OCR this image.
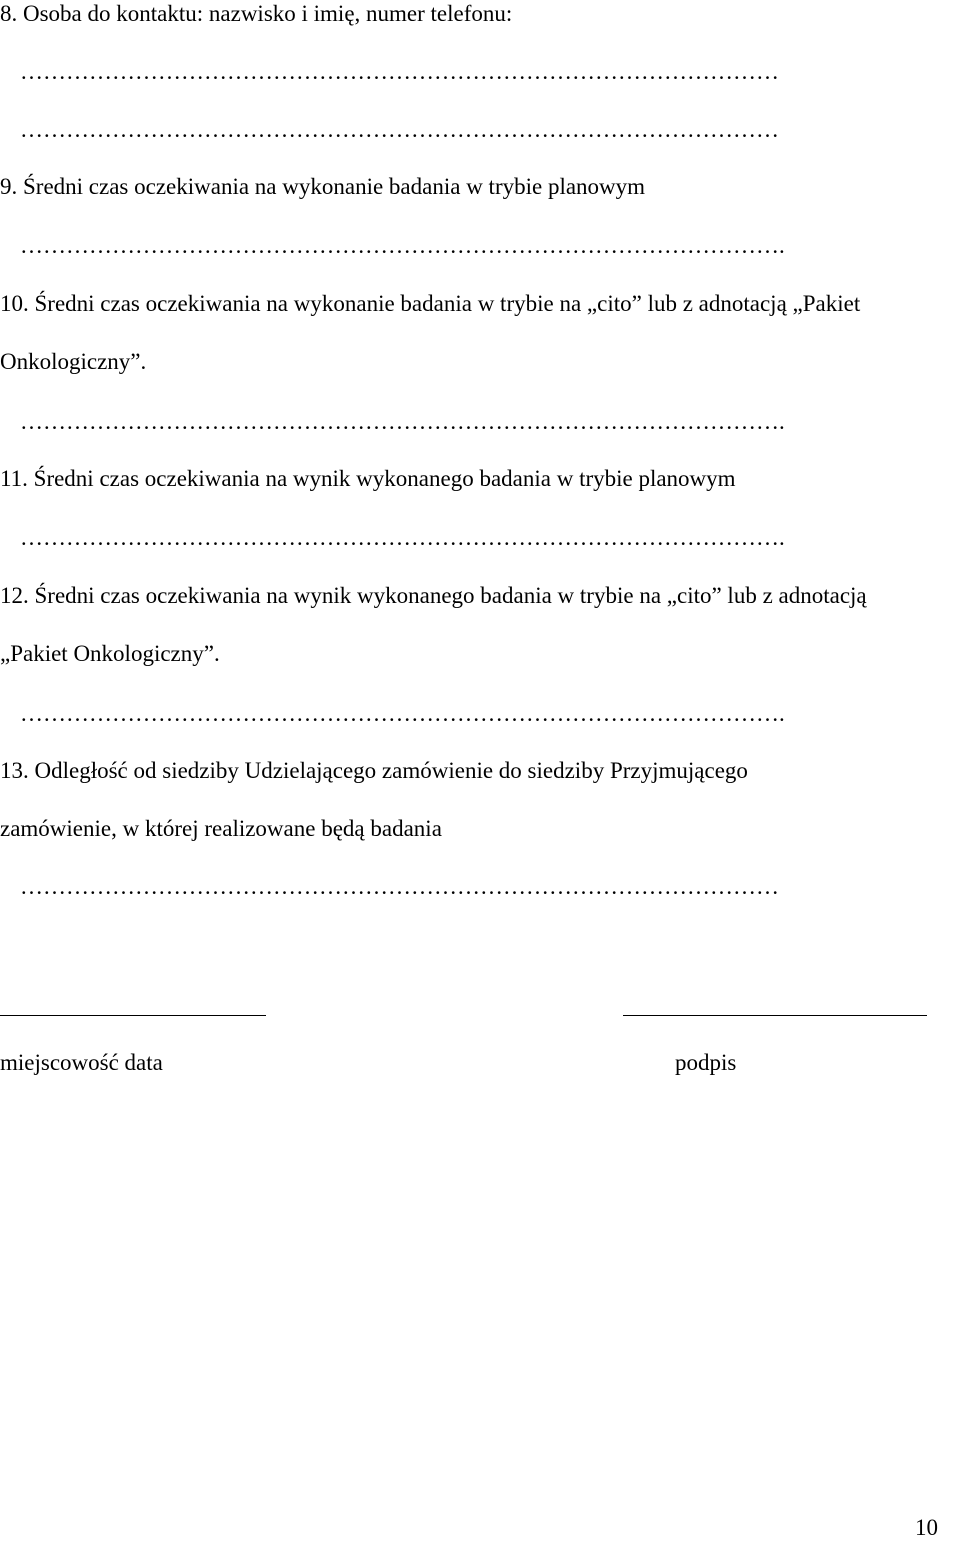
8. Osoba do kontaktu: nazwisko i imię, numer telefonu:
………………………………………………………………………………………
………………………………………………………………………………………
9. Średni czas oczekiwania na wykonanie badania w trybie planowym
……………………………………………………………………………………….
10. Średni czas oczekiwania na wykonanie badania w trybie na „cito” lub z adnotacją „Pakiet
Onkologiczny”.
……………………………………………………………………………………….
11. Średni czas oczekiwania na wynik wykonanego badania w trybie planowym
……………………………………………………………………………………….
12. Średni czas oczekiwania na wynik wykonanego badania w trybie na „cito” lub z adnotacją
„Pakiet Onkologiczny”.
……………………………………………………………………………………….
13. Odległość od siedziby Udzielającego zamówienie do siedziby Przyjmującego
zamówienie, w której realizowane będą badania
………………………………………………………………………………………
miejscowość data	podpis
10
